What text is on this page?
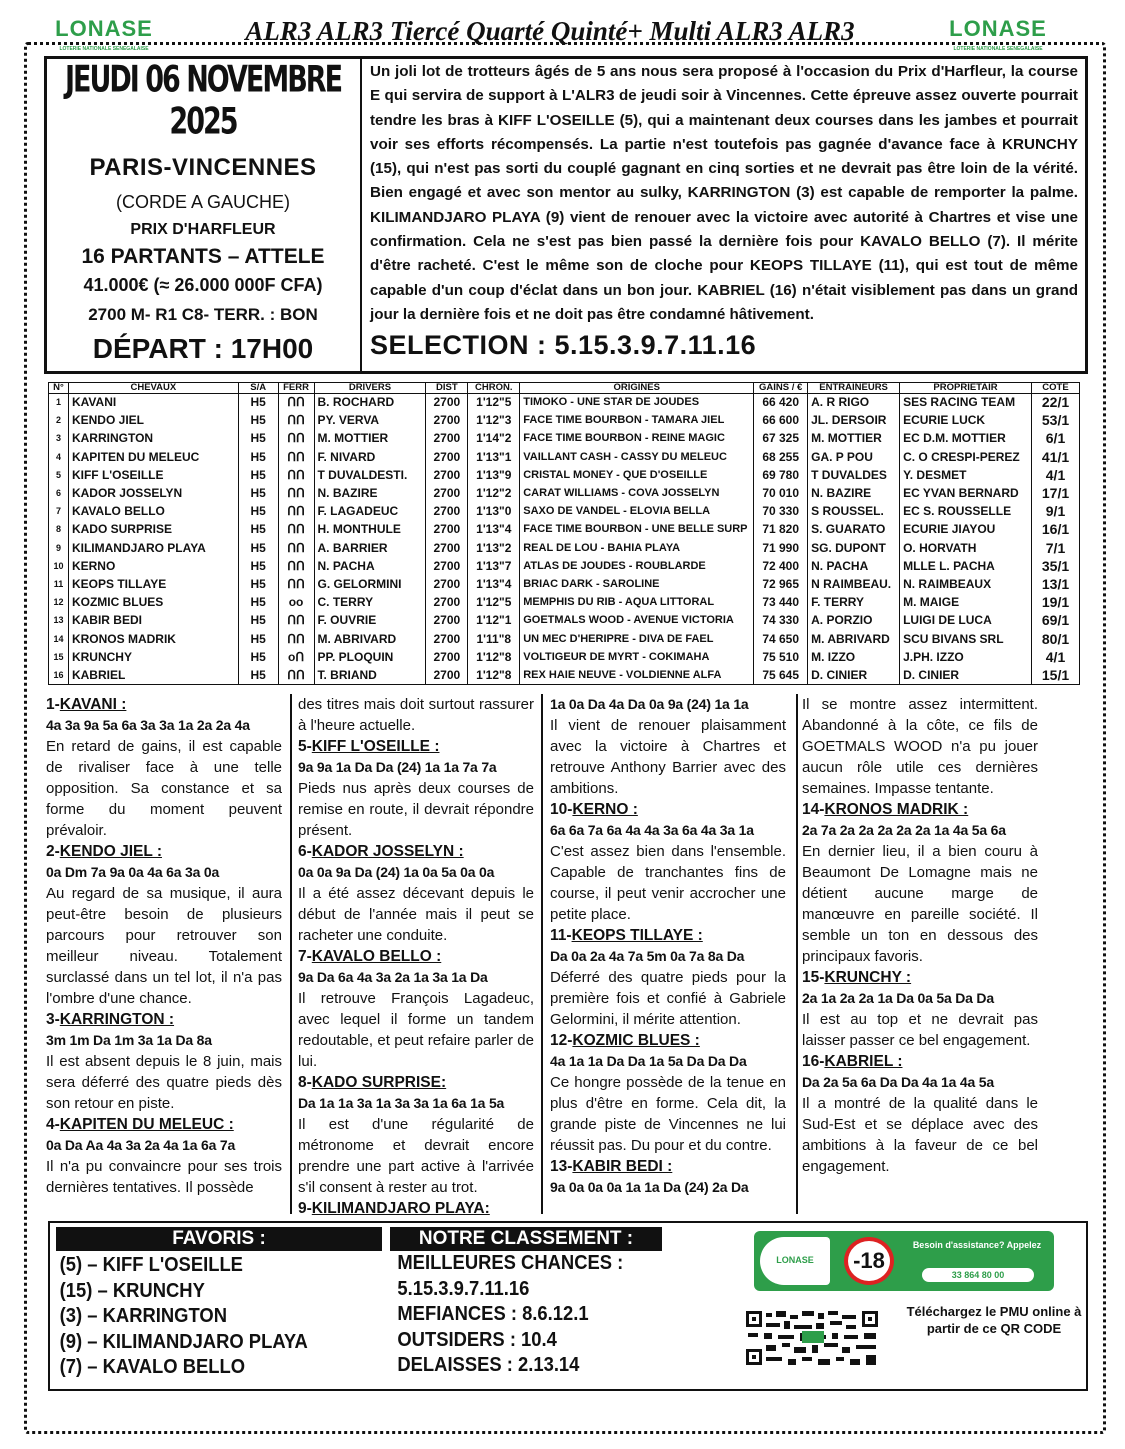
LONASE
LOTERIE NATIONALE SENEGALAISE
ALR3 ALR3 Tiercé Quarté Quinté+ Multi ALR3 ALR3	LONASE
LOTERIE NATIONALE SENEGALAISE
JEUDI 06 NOVEMBRE 2025
PARIS-VINCENNES
(CORDE A GAUCHE)
PRIX D'HARFLEUR
16 PARTANTS – ATTELE
41.000€ (≈ 26.000 000F CFA)
2700 M- R1 C8- TERR. : BON
DÉPART : 17H00
Un joli lot de trotteurs âgés de 5 ans nous sera proposé à l'occasion du Prix d'Harfleur, la course E qui servira de support à L'ALR3 de jeudi soir à Vincennes. Cette épreuve assez ouverte pourrait tendre les bras à KIFF L'OSEILLE (5), qui a maintenant deux courses dans les jambes et pourrait voir ses efforts récompensés. La partie n'est toutefois pas gagnée d'avance face à KRUNCHY (15), qui n'est pas sorti du couplé gagnant en cinq sorties et ne devrait pas être loin de la vérité. Bien engagé et avec son mentor au sulky, KARRINGTON (3) est capable de remporter la palme. KILIMANDJARO PLAYA (9) vient de renouer avec la victoire avec autorité à Chartres et vise une confirmation. Cela ne s'est pas bien passé la dernière fois pour KAVALO BELLO (7). Il mérite d'être racheté. C'est le même son de cloche pour KEOPS TILLAYE (11), qui est tout de même capable d'un coup d'éclat dans un bon jour. KABRIEL (16) n'était visiblement pas dans un grand jour la dernière fois et ne doit pas être condamné hâtivement.
SELECTION : 5.15.3.9.7.11.16
N°	CHEVAUX	S/A	FERR	DRIVERS	DIST	CHRON.	ORIGINES	GAINS / €	ENTRAINEURS	PROPRIETAIR	COTE
1	KAVANI	H5	ᑎᑎ	B. ROCHARD	2700	1'12"5	TIMOKO - UNE STAR DE JOUDES	66 420	A. R RIGO	SES RACING TEAM	22/1
2	KENDO JIEL	H5	ᑎᑎ	PY. VERVA	2700	1'12"3	FACE TIME BOURBON - TAMARA JIEL	66 600	JL. DERSOIR	ECURIE LUCK	53/1
3	KARRINGTON	H5	ᑎᑎ	M. MOTTIER	2700	1'14"2	FACE TIME BOURBON - REINE MAGIC	67 325	M. MOTTIER	EC D.M. MOTTIER	6/1
4	KAPITEN DU MELEUC	H5	ᑎᑎ	F. NIVARD	2700	1'13"1	VAILLANT CASH - CASSY DU MELEUC	68 255	GA. P POU	C. O CRESPI-PEREZ	41/1
5	KIFF L'OSEILLE	H5	ᑎᑎ	T DUVALDESTI.	2700	1'13"9	CRISTAL MONEY - QUE D'OSEILLE	69 780	T DUVALDES	Y. DESMET	4/1
6	KADOR JOSSELYN	H5	ᑎᑎ	N. BAZIRE	2700	1'12"2	CARAT WILLIAMS - COVA JOSSELYN	70 010	N. BAZIRE	EC YVAN BERNARD	17/1
7	KAVALO BELLO	H5	ᑎᑎ	F. LAGADEUC	2700	1'13"0	SAXO DE VANDEL - ELOVIA BELLA	70 330	S ROUSSEL.	EC S. ROUSSELLE	9/1
8	KADO SURPRISE	H5	ᑎᑎ	H. MONTHULE	2700	1'13"4	FACE TIME BOURBON - UNE BELLE SURP	71 820	S. GUARATO	ECURIE JIAYOU	16/1
9	KILIMANDJARO PLAYA	H5	ᑎᑎ	A. BARRIER	2700	1'13"2	REAL DE LOU - BAHIA PLAYA	71 990	SG. DUPONT	O. HORVATH	7/1
10	KERNO	H5	ᑎᑎ	N. PACHA	2700	1'13"7	ATLAS DE JOUDES - ROUBLARDE	72 400	N. PACHA	MLLE L. PACHA	35/1
11	KEOPS TILLAYE	H5	ᑎᑎ	G. GELORMINI	2700	1'13"4	BRIAC DARK - SAROLINE	72 965	N RAIMBEAU.	N. RAIMBEAUX	13/1
12	KOZMIC BLUES	H5	oo	C. TERRY	2700	1'12"5	MEMPHIS DU RIB - AQUA LITTORAL	73 440	F. TERRY	M. MAIGE	19/1
13	KABIR BEDI	H5	ᑎᑎ	F. OUVRIE	2700	1'12"1	GOETMALS WOOD - AVENUE VICTORIA	74 330	A. PORZIO	LUIGI DE LUCA	69/1
14	KRONOS MADRIK	H5	ᑎᑎ	M. ABRIVARD	2700	1'11"8	UN MEC D'HERIPRE - DIVA DE FAEL	74 650	M. ABRIVARD	SCU BIVANS SRL	80/1
15	KRUNCHY	H5	oᑎ	PP. PLOQUIN	2700	1'12"8	VOLTIGEUR DE MYRT - COKIMAHA	75 510	M. IZZO	J.PH. IZZO	4/1
16	KABRIEL	H5	ᑎᑎ	T. BRIAND	2700	1'12"8	REX HAIE NEUVE - VOLDIENNE ALFA	75 645	D. CINIER	D. CINIER	15/1
1-KAVANI :
4a 3a 9a 5a 6a 3a 3a 1a 2a 2a 4a
En retard de gains, il est capable de rivaliser face à une telle opposition. Sa constance et sa forme du moment peuvent prévaloir.
2-KENDO JIEL :
0a Dm 7a 9a 0a 4a 6a 3a 0a
Au regard de sa musique, il aura peut-être besoin de plusieurs parcours pour retrouver son meilleur niveau. Totalement surclassé dans un tel lot, il n'a pas l'ombre d'une chance.
3-KARRINGTON :
3m 1m Da 1m 3a 1a Da 8a
Il est absent depuis le 8 juin, mais sera déferré des quatre pieds dès son retour en piste.
4-KAPITEN DU MELEUC :
0a Da Aa 4a 3a 2a 4a 1a 6a 7a
Il n'a pu convaincre pour ses trois dernières tentatives. Il possède
des titres mais doit surtout rassurer à l'heure actuelle.
5-KIFF L'OSEILLE :
9a 9a 1a Da Da (24) 1a 1a 7a 7a
Pieds nus après deux courses de remise en route, il devrait répondre présent.
6-KADOR JOSSELYN :
0a 0a 9a Da (24) 1a 0a 5a 0a 0a
Il a été assez décevant depuis le début de l'année mais il peut se racheter une conduite.
7-KAVALO BELLO :
9a Da 6a 4a 3a 2a 1a 3a 1a Da
Il retrouve François Lagadeuc, avec lequel il forme un tandem redoutable, et peut refaire parler de lui.
8-KADO SURPRISE:
Da 1a 1a 3a 1a 3a 3a 1a 6a 1a 5a
Il est d'une régularité de métronome et devrait encore prendre une part active à l'arrivée s'il consent à rester au trot.
9-KILIMANDJARO PLAYA:
1a 0a Da 4a Da 0a 9a (24) 1a 1a
Il vient de renouer plaisamment avec la victoire à Chartres et retrouve Anthony Barrier avec des ambitions.
10-KERNO :
6a 6a 7a 6a 4a 4a 3a 6a 4a 3a 1a
C'est assez bien dans l'ensemble. Capable de tranchantes fins de course, il peut venir accrocher une petite place.
11-KEOPS TILLAYE :
Da 0a 2a 4a 7a 5m 0a 7a 8a Da
Déferré des quatre pieds pour la première fois et confié à Gabriele Gelormini, il mérite attention.
12-KOZMIC BLUES :
4a 1a 1a Da Da 1a 5a Da Da Da
Ce hongre possède de la tenue en plus d'être en forme. Cela dit, la grande piste de Vincennes ne lui réussit pas. Du pour et du contre.
13-KABIR BEDI :
9a 0a 0a 0a 1a 1a Da (24) 2a Da
Il se montre assez intermittent. Abandonné à la côte, ce fils de GOETMALS WOOD n'a pu jouer aucun rôle utile ces dernières semaines. Impasse tentante.
14-KRONOS MADRIK :
2a 7a 2a 2a 2a 2a 2a 1a 4a 5a 6a
En dernier lieu, il a bien couru à Beaumont De Lomagne mais ne détient aucune marge de manœuvre en pareille société. Il semble un ton en dessous des principaux favoris.
15-KRUNCHY :
2a 1a 2a 2a 1a Da 0a 5a Da Da
Il est au top et ne devrait pas laisser passer ce bel engagement.
16-KABRIEL :
Da 2a 5a 6a Da Da 4a 1a 4a 5a
Il a montré de la qualité dans le Sud-Est et se déplace avec des ambitions à la faveur de ce bel engagement.
FAVORIS :
(5) – KIFF L'OSEILLE
(15) – KRUNCHY
(3) – KARRINGTON
(9) – KILIMANDJARO PLAYA
(7) – KAVALO BELLO
NOTRE CLASSEMENT :
MEILLEURES CHANCES :
5.15.3.9.7.11.16
MEFIANCES : 8.6.12.1
OUTSIDERS : 10.4
DELAISSES : 2.13.14
LONASE	-18
Besoin d'assistance? Appelez
33 864 80 00
Téléchargez le PMU online à partir de ce QR CODE
